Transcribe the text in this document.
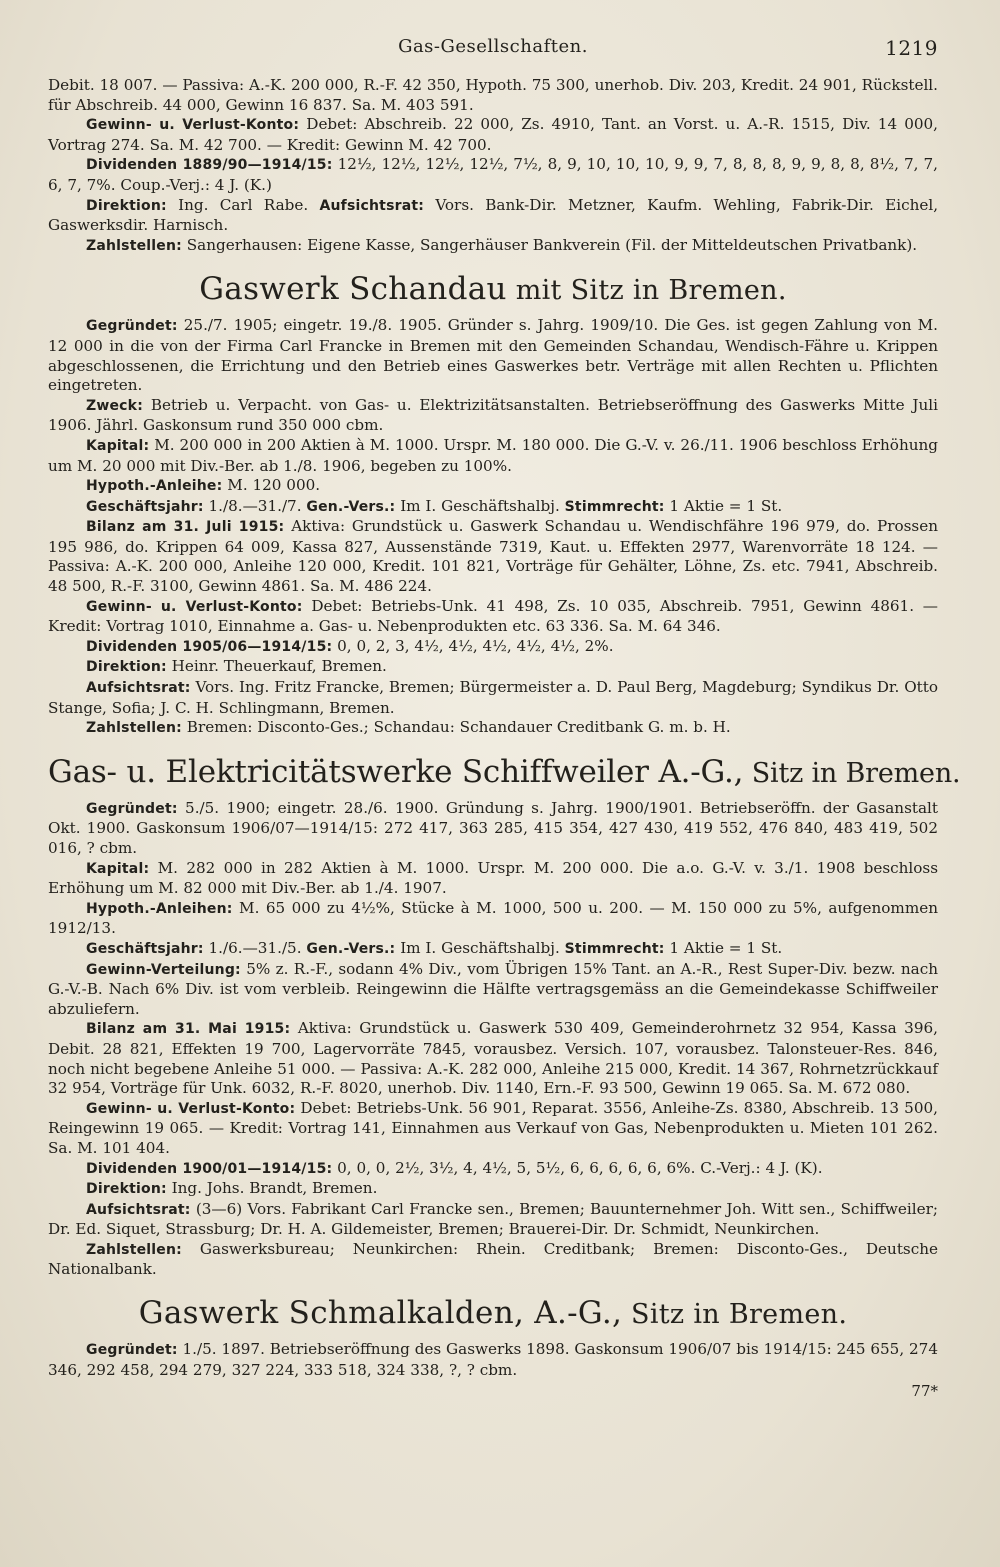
Gas-Gesellschaften.	1219

Debit. 18 007. — Passiva: A.-K. 200 000, R.-F. 42 350, Hypoth. 75 300, unerhob. Div. 203, Kredit. 24 901, Rückstell. für Abschreib. 44 000, Gewinn 16 837. Sa. M. 403 591.

Gewinn- u. Verlust-Konto: Debet: Abschreib. 22 000, Zs. 4910, Tant. an Vorst. u. A.-R. 1515, Div. 14 000, Vortrag 274. Sa. M. 42 700. — Kredit: Gewinn M. 42 700.

Dividenden 1889/90—1914/15: 12½, 12½, 12½, 12½, 7½, 8, 9, 10, 10, 10, 9, 9, 7, 8, 8, 8, 9, 9, 8, 8, 8½, 7, 7, 6, 7, 7%. Coup.-Verj.: 4 J. (K.)

Direktion: Ing. Carl Rabe. Aufsichtsrat: Vors. Bank-Dir. Metzner, Kaufm. Wehling, Fabrik-Dir. Eichel, Gaswerksdir. Harnisch.

Zahlstellen: Sangerhausen: Eigene Kasse, Sangerhäuser Bankverein (Fil. der Mitteldeutschen Privatbank).

Gaswerk Schandau mit Sitz in Bremen.

Gegründet: 25./7. 1905; eingetr. 19./8. 1905. Gründer s. Jahrg. 1909/10. Die Ges. ist gegen Zahlung von M. 12 000 in die von der Firma Carl Francke in Bremen mit den Gemeinden Schandau, Wendisch-Fähre u. Krippen abgeschlossenen, die Errichtung und den Betrieb eines Gaswerkes betr. Verträge mit allen Rechten u. Pflichten eingetreten.

Zweck: Betrieb u. Verpacht. von Gas- u. Elektrizitätsanstalten. Betriebseröffnung des Gaswerks Mitte Juli 1906. Jährl. Gaskonsum rund 350 000 cbm.

Kapital: M. 200 000 in 200 Aktien à M. 1000. Urspr. M. 180 000. Die G.-V. v. 26./11. 1906 beschloss Erhöhung um M. 20 000 mit Div.-Ber. ab 1./8. 1906, begeben zu 100%.

Hypoth.-Anleihe: M. 120 000.

Geschäftsjahr: 1./8.—31./7. Gen.-Vers.: Im I. Geschäftshalbj. Stimmrecht: 1 Aktie = 1 St.

Bilanz am 31. Juli 1915: Aktiva: Grundstück u. Gaswerk Schandau u. Wendischfähre 196 979, do. Prossen 195 986, do. Krippen 64 009, Kassa 827, Aussenstände 7319, Kaut. u. Effekten 2977, Warenvorräte 18 124. — Passiva: A.-K. 200 000, Anleihe 120 000, Kredit. 101 821, Vorträge für Gehälter, Löhne, Zs. etc. 7941, Abschreib. 48 500, R.-F. 3100, Gewinn 4861. Sa. M. 486 224.

Gewinn- u. Verlust-Konto: Debet: Betriebs-Unk. 41 498, Zs. 10 035, Abschreib. 7951, Gewinn 4861. — Kredit: Vortrag 1010, Einnahme a. Gas- u. Nebenprodukten etc. 63 336. Sa. M. 64 346.

Dividenden 1905/06—1914/15: 0, 0, 2, 3, 4½, 4½, 4½, 4½, 4½, 2%.

Direktion: Heinr. Theuerkauf, Bremen.

Aufsichtsrat: Vors. Ing. Fritz Francke, Bremen; Bürgermeister a. D. Paul Berg, Magdeburg; Syndikus Dr. Otto Stange, Sofia; J. C. H. Schlingmann, Bremen.

Zahlstellen: Bremen: Disconto-Ges.; Schandau: Schandauer Creditbank G. m. b. H.

Gas- u. Elektricitätswerke Schiffweiler A.-G., Sitz in Bremen.

Gegründet: 5./5. 1900; eingetr. 28./6. 1900. Gründung s. Jahrg. 1900/1901. Betriebseröffn. der Gasanstalt Okt. 1900. Gaskonsum 1906/07—1914/15: 272 417, 363 285, 415 354, 427 430, 419 552, 476 840, 483 419, 502 016, ? cbm.

Kapital: M. 282 000 in 282 Aktien à M. 1000. Urspr. M. 200 000. Die a.o. G.-V. v. 3./1. 1908 beschloss Erhöhung um M. 82 000 mit Div.-Ber. ab 1./4. 1907.

Hypoth.-Anleihen: M. 65 000 zu 4½%, Stücke à M. 1000, 500 u. 200. — M. 150 000 zu 5%, aufgenommen 1912/13.

Geschäftsjahr: 1./6.—31./5. Gen.-Vers.: Im I. Geschäftshalbj. Stimmrecht: 1 Aktie = 1 St.

Gewinn-Verteilung: 5% z. R.-F., sodann 4% Div., vom Übrigen 15% Tant. an A.-R., Rest Super-Div. bezw. nach G.-V.-B. Nach 6% Div. ist vom verbleib. Reingewinn die Hälfte vertragsgemäss an die Gemeindekasse Schiffweiler abzuliefern.

Bilanz am 31. Mai 1915: Aktiva: Grundstück u. Gaswerk 530 409, Gemeinderohrnetz 32 954, Kassa 396, Debit. 28 821, Effekten 19 700, Lagervorräte 7845, vorausbez. Versich. 107, vorausbez. Talonsteuer-Res. 846, noch nicht begebene Anleihe 51 000. — Passiva: A.-K. 282 000, Anleihe 215 000, Kredit. 14 367, Rohrnetzrückkauf 32 954, Vorträge für Unk. 6032, R.-F. 8020, unerhob. Div. 1140, Ern.-F. 93 500, Gewinn 19 065. Sa. M. 672 080.

Gewinn- u. Verlust-Konto: Debet: Betriebs-Unk. 56 901, Reparat. 3556, Anleihe-Zs. 8380, Abschreib. 13 500, Reingewinn 19 065. — Kredit: Vortrag 141, Einnahmen aus Verkauf von Gas, Nebenprodukten u. Mieten 101 262. Sa. M. 101 404.

Dividenden 1900/01—1914/15: 0, 0, 0, 2½, 3½, 4, 4½, 5, 5½, 6, 6, 6, 6, 6, 6%. C.-Verj.: 4 J. (K).

Direktion: Ing. Johs. Brandt, Bremen.

Aufsichtsrat: (3—6) Vors. Fabrikant Carl Francke sen., Bremen; Bauunternehmer Joh. Witt sen., Schiffweiler; Dr. Ed. Siquet, Strassburg; Dr. H. A. Gildemeister, Bremen; Brauerei-Dir. Dr. Schmidt, Neunkirchen.

Zahlstellen: Gaswerksbureau; Neunkirchen: Rhein. Creditbank; Bremen: Disconto-Ges., Deutsche Nationalbank.

Gaswerk Schmalkalden, A.-G., Sitz in Bremen.

Gegründet: 1./5. 1897. Betriebseröffnung des Gaswerks 1898. Gaskonsum 1906/07 bis 1914/15: 245 655, 274 346, 292 458, 294 279, 327 224, 333 518, 324 338, ?, ? cbm.

77*
